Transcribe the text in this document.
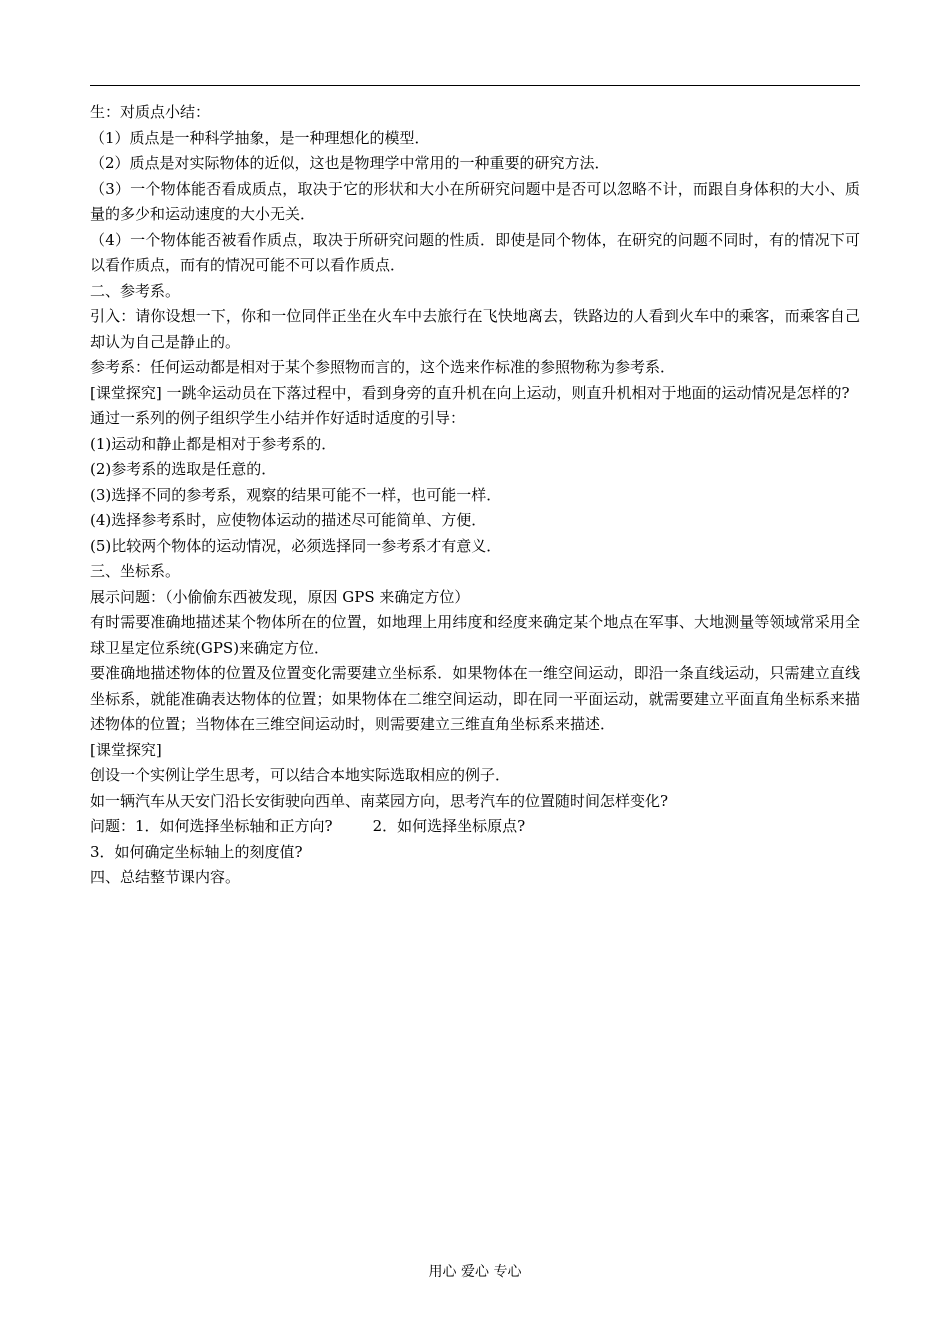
生：对质点小结：

（1）质点是一种科学抽象，是一种理想化的模型．

（2）质点是对实际物体的近似，这也是物理学中常用的一种重要的研究方法．

（3）一个物体能否看成质点，取决于它的形状和大小在所研究问题中是否可以忽略不计，而跟自身体积的大小、质量的多少和运动速度的大小无关．

（4）一个物体能否被看作质点，取决于所研究问题的性质．即使是同个物体，在研究的问题不同时，有的情况下可以看作质点，而有的情况可能不可以看作质点．

二、参考系。

引入：请你设想一下，你和一位同伴正坐在火车中去旅行在飞快地离去，铁路边的人看到火车中的乘客，而乘客自己却认为自己是静止的。

参考系：任何运动都是相对于某个参照物而言的，这个选来作标准的参照物称为参考系．

[课堂探究] 一跳伞运动员在下落过程中，看到身旁的直升机在向上运动，则直升机相对于地面的运动情况是怎样的?

通过一系列的例子组织学生小结并作好适时适度的引导：

(1)运动和静止都是相对于参考系的．

(2)参考系的选取是任意的．

(3)选择不同的参考系，观察的结果可能不一样，也可能一样．

(4)选择参考系时，应使物体运动的描述尽可能简单、方便．

(5)比较两个物体的运动情况，必须选择同一参考系才有意义．

三、坐标系。

展示问题：（小偷偷东西被发现，原因 GPS 来确定方位）

有时需要准确地描述某个物体所在的位置，如地理上用纬度和经度来确定某个地点在军事、大地测量等领域常采用全球卫星定位系统(GPS)来确定方位．

要准确地描述物体的位置及位置变化需要建立坐标系．如果物体在一维空间运动，即沿一条直线运动，只需建立直线坐标系，就能准确表达物体的位置；如果物体在二维空间运动，即在同一平面运动，就需要建立平面直角坐标系来描述物体的位置；当物体在三维空间运动时，则需要建立三维直角坐标系来描述．

[课堂探究]

创设一个实例让学生思考，可以结合本地实际选取相应的例子．

如一辆汽车从天安门沿长安街驶向西单、南菜园方向，思考汽车的位置随时间怎样变化?

问题：1．如何选择坐标轴和正方向?	2．如何选择坐标原点?

3．如何确定坐标轴上的刻度值?

四、总结整节课内容。

用心 爱心 专心
